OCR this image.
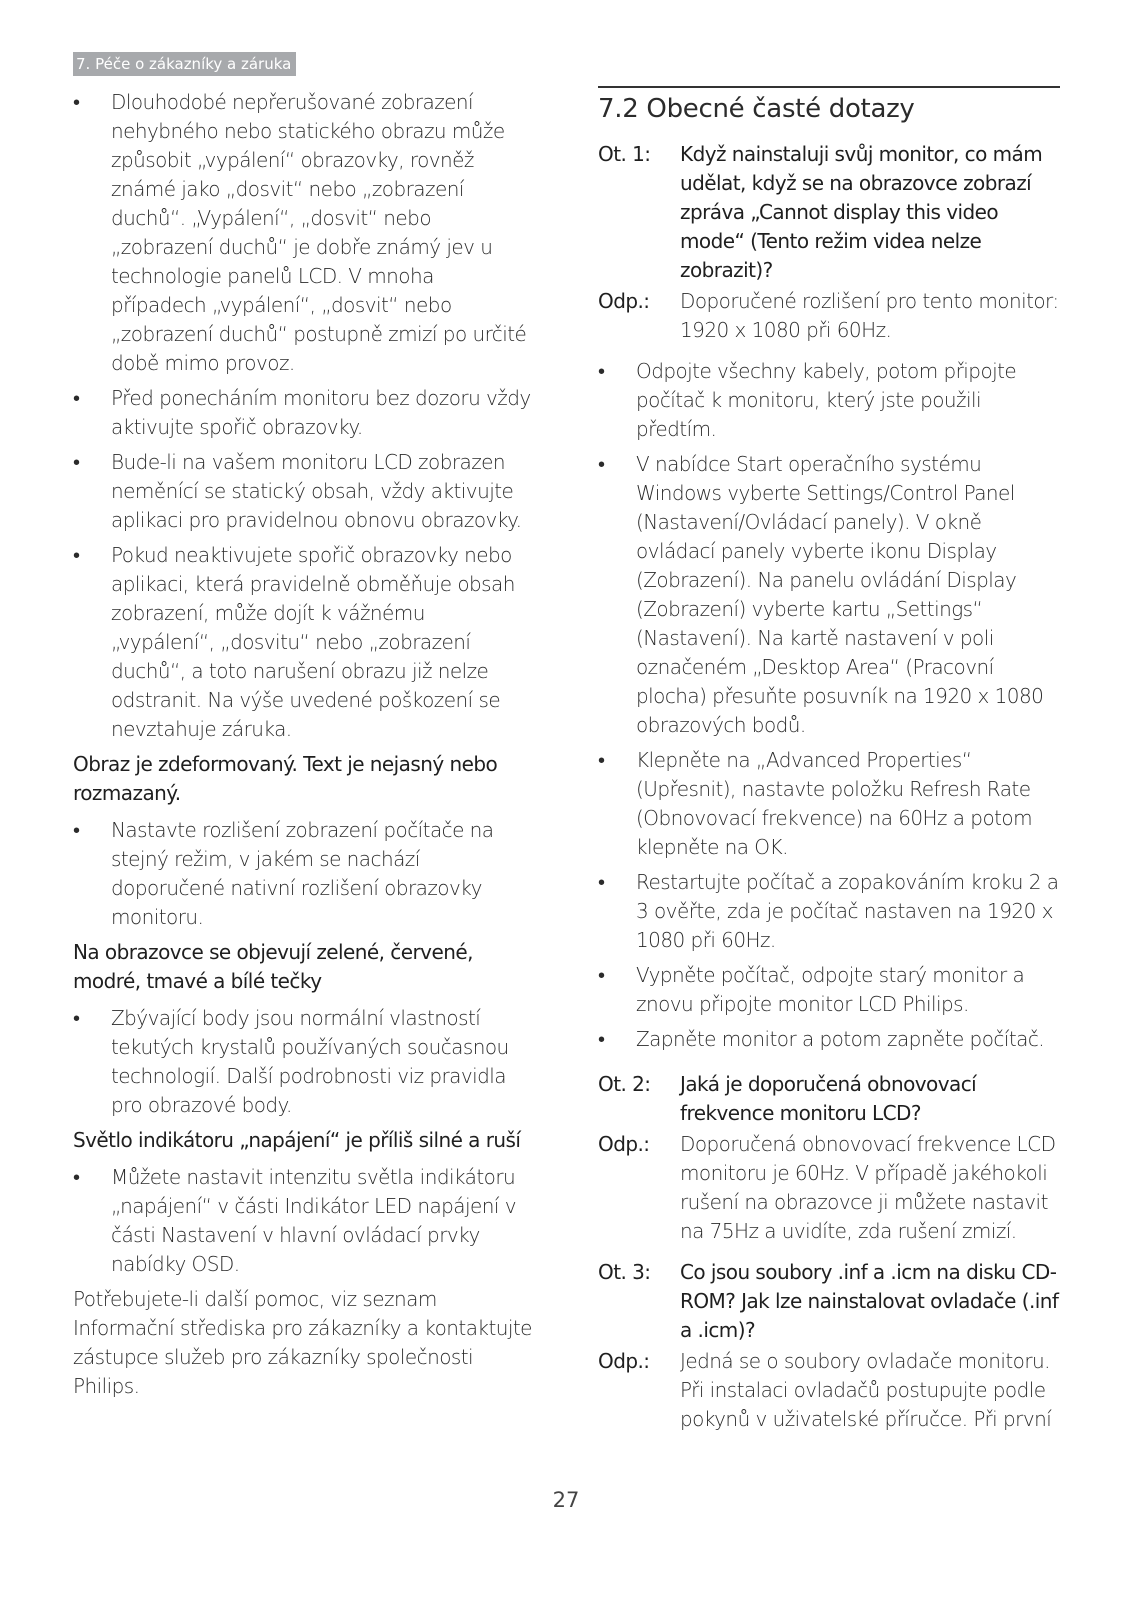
7. Péče o zákazníky a záruka
• Dlouhodobé nepřerušované zobrazení nehybného nebo statického obrazu může způsobit „vypálení“ obrazovky, rovněž známé jako „dosvit“ nebo „zobrazení duchů“. „Vypálení“, „dosvit“ nebo „zobrazení duchů“ je dobře známý jev u technologie panelů LCD. V mnoha případech „vypálení“, „dosvit“ nebo „zobrazení duchů“ postupně zmizí po určité době mimo provoz.
• Před ponecháním monitoru bez dozoru vždy aktivujte spořič obrazovky.
• Bude-li na vašem monitoru LCD zobrazen neměnící se statický obsah, vždy aktivujte aplikaci pro pravidelnou obnovu obrazovky.
• Pokud neaktivujete spořič obrazovky nebo aplikaci, která pravidelně obměňuje obsah zobrazení, může dojít k vážnému „vypálení“, „dosvitu“ nebo „zobrazení duchů“, a toto narušení obrazu již nelze odstranit. Na výše uvedené poškození se nevztahuje záruka.
Obraz je zdeformovaný. Text je nejasný nebo rozmazaný.
• Nastavte rozlišení zobrazení počítače na stejný režim, v jakém se nachází doporučené nativní rozlišení obrazovky monitoru.
Na obrazovce se objevují zelené, červené, modré, tmavé a bílé tečky
• Zbývající body jsou normální vlastností tekutých krystalů používaných současnou technologií. Další podrobnosti viz pravidla pro obrazové body.
Světlo indikátoru „napájení“ je příliš silné a ruší
• Můžete nastavit intenzitu světla indikátoru „napájení“ v části Indikátor LED napájení v části Nastavení v hlavní ovládací prvky nabídky OSD.

Potřebujete-li další pomoc, viz seznam Informační střediska pro zákazníky a kontaktujte zástupce služeb pro zákazníky společnosti Philips.

7.2 Obecné časté dotazy
Ot. 1:	Když nainstaluji svůj monitor, co mám udělat, když se na obrazovce zobrazí zpráva „Cannot display this video mode“ (Tento režim videa nelze zobrazit)?
Odp.:	Doporučené rozlišení pro tento monitor: 1920 x 1080 při 60Hz.
• Odpojte všechny kabely, potom připojte počítač k monitoru, který jste použili předtím.
• V nabídce Start operačního systému Windows vyberte Settings/Control Panel (Nastavení/Ovládací panely). V okně ovládací panely vyberte ikonu Display (Zobrazení). Na panelu ovládání Display (Zobrazení) vyberte kartu „Settings“ (Nastavení). Na kartě nastavení v poli označeném „Desktop Area“ (Pracovní plocha) přesuňte posuvník na 1920 x 1080 obrazových bodů.
• Klepněte na „Advanced Properties“ (Upřesnit), nastavte položku Refresh Rate (Obnovovací frekvence) na 60Hz a potom klepněte na OK.
• Restartujte počítač a zopakováním kroku 2 a 3 ověřte, zda je počítač nastaven na 1920 x 1080 při 60Hz.
• Vypněte počítač, odpojte starý monitor a znovu připojte monitor LCD Philips.
• Zapněte monitor a potom zapněte počítač.
Ot. 2:	Jaká je doporučená obnovovací frekvence monitoru LCD?
Odp.:	Doporučená obnovovací frekvence LCD monitoru je 60Hz. V případě jakéhokoli rušení na obrazovce ji můžete nastavit na 75Hz a uvidíte, zda rušení zmizí.
Ot. 3:	Co jsou soubory .inf a .icm na disku CD-ROM? Jak lze nainstalovat ovladače (.inf a .icm)?
Odp.:	Jedná se o soubory ovladače monitoru. Při instalaci ovladačů postupujte podle pokynů v uživatelské příručce. Při první
27
